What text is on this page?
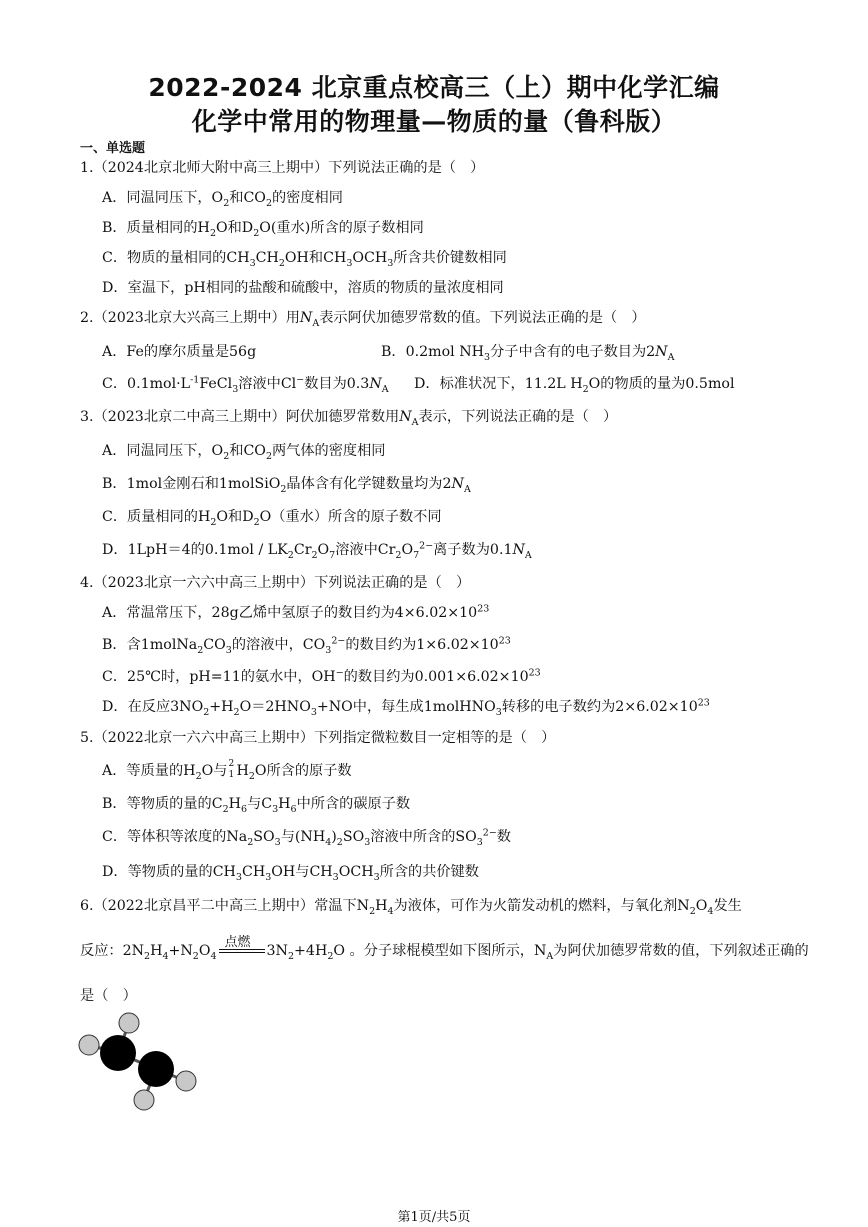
2022-2024 北京重点校高三（上）期中化学汇编
化学中常用的物理量—物质的量（鲁科版）
一、单选题
1.（2024北京北师大附中高三上期中）下列说法正确的是（　）
A．同温同压下，$O_2$和$CO_2$的密度相同
B．质量相同的$H_2O$和$D_2O$(重水)所含的原子数相同
C．物质的量相同的$CH_3CH_2OH$和$CH_3OCH_3$所含共价键数相同
D．室温下，pH相同的盐酸和硫酸中，溶质的物质的量浓度相同
2.（2023北京大兴高三上期中）用$N_A$表示阿伏加德罗常数的值。下列说法正确的是（　）
A．Fe的摩尔质量是56g	B．0.2mol $NH_3$分子中含有的电子数目为$2N_A$
C．$0.1mol\cdot L^{-1}FeCl_3$溶液中Cl−数目为$0.3N_A$ D．标准状况下，11.2L $H_2O$的物质的量为0.5mol
3.（2023北京二中高三上期中）阿伏加德罗常数用$N_A$表示，下列说法正确的是（　）
A．同温同压下，$O_2$和$CO_2$两气体的密度相同
B．1mol金刚石和1molSiO$_2$晶体含有化学键数量均为$2N_A$
C．质量相同的$H_2O$和$D_2O$（重水）所含的原子数不同
D．1LpH＝4的$0.1mol / LK_2Cr_2O_7$溶液中$Cr_2O_7^{2-}$离子数为$0.1N_A$
4.（2023北京一六六中高三上期中）下列说法正确的是（　）
A．常温常压下，28g乙烯中氢原子的数目约为$4\times 6.02\times 10^{23}$
B．含$1molNa_2CO_3$的溶液中，$CO_3^{2-}$的数目约为$1\times 6.02\times 10^{23}$
C．25℃时，pH=11的氨水中，OH−的数目约为$0.001\times 6.02\times 10^{23}$
D．在反应$3NO_2+H_2O=2HNO_3+NO$中，每生成1molHNO$_3$转移的电子数约为$2\times 6.02\times 10^{23}$
5.（2022北京一六六中高三上期中）下列指定微粒数目一定相等的是（　）
A．等质量的$H_2O$与 2
1 $H_2O$所含的原子数
B．等物质的量的$C_2H_6$与$C_3H_6$中所含的碳原子数
C．等体积等浓度的$Na_2SO_3$与$(NH_4)_2SO_3$溶液中所含的$SO_3^{2-}$数
D．等物质的量的$CH_3CH_3OH$与$CH_3OCH_3$所含的共价键数
6.（2022北京昌平二中高三上期中）常温下$N_2H_4$为液体，可作为火箭发动机的燃料，与氧化剂$N_2O_4$发生
反应：$2N_2H_4+N_2O_4$
点燃
$3N_2+4H_2O$ 。分子球棍模型如下图所示，$N_A$为阿伏加德罗常数的值，下列叙述正确的
是（　）
第1页/共5页
